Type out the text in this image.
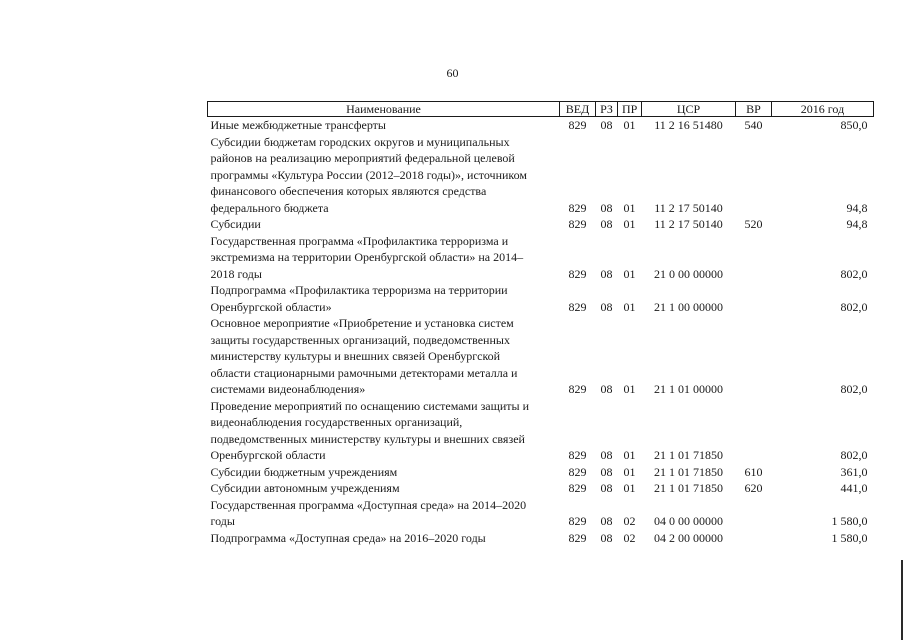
60
Наименование	ВЕД	РЗ	ПР	ЦСР	ВР	2016 год

Иные межбюджетные трансферты	829	08	01	11 2 16 51480	540	850,0

Субсидии бюджетам городских округов и муниципальных
районов на реализацию мероприятий федеральной целевой
программы «Культура России (2012–2018 годы)», источником
финансового обеспечения которых являются средства
федерального бюджета	829	08	01	11 2 17 50140		94,8

Субсидии	829	08	01	11 2 17 50140	520	94,8

Государственная программа «Профилактика терроризма и
экстремизма на территории Оренбургской области» на 2014–
2018 годы	829	08	01	21 0 00 00000		802,0

Подпрограмма «Профилактика терроризма на территории
Оренбургской области»	829	08	01	21 1 00 00000		802,0

Основное мероприятие «Приобретение и установка систем
защиты государственных организаций, подведомственных
министерству культуры и внешних связей Оренбургской
области стационарными рамочными детекторами металла и
системами видеонаблюдения»	829	08	01	21 1 01 00000		802,0

Проведение мероприятий по оснащению системами защиты и
видеонаблюдения государственных организаций,
подведомственных министерству культуры и внешних связей
Оренбургской области	829	08	01	21 1 01 71850		802,0

Субсидии бюджетным учреждениям	829	08	01	21 1 01 71850	610	361,0

Субсидии автономным учреждениям	829	08	01	21 1 01 71850	620	441,0

Государственная программа «Доступная среда» на 2014–2020
годы	829	08	02	04 0 00 00000		1 580,0

Подпрограмма «Доступная среда» на 2016–2020 годы	829	08	02	04 2 00 00000		1 580,0
